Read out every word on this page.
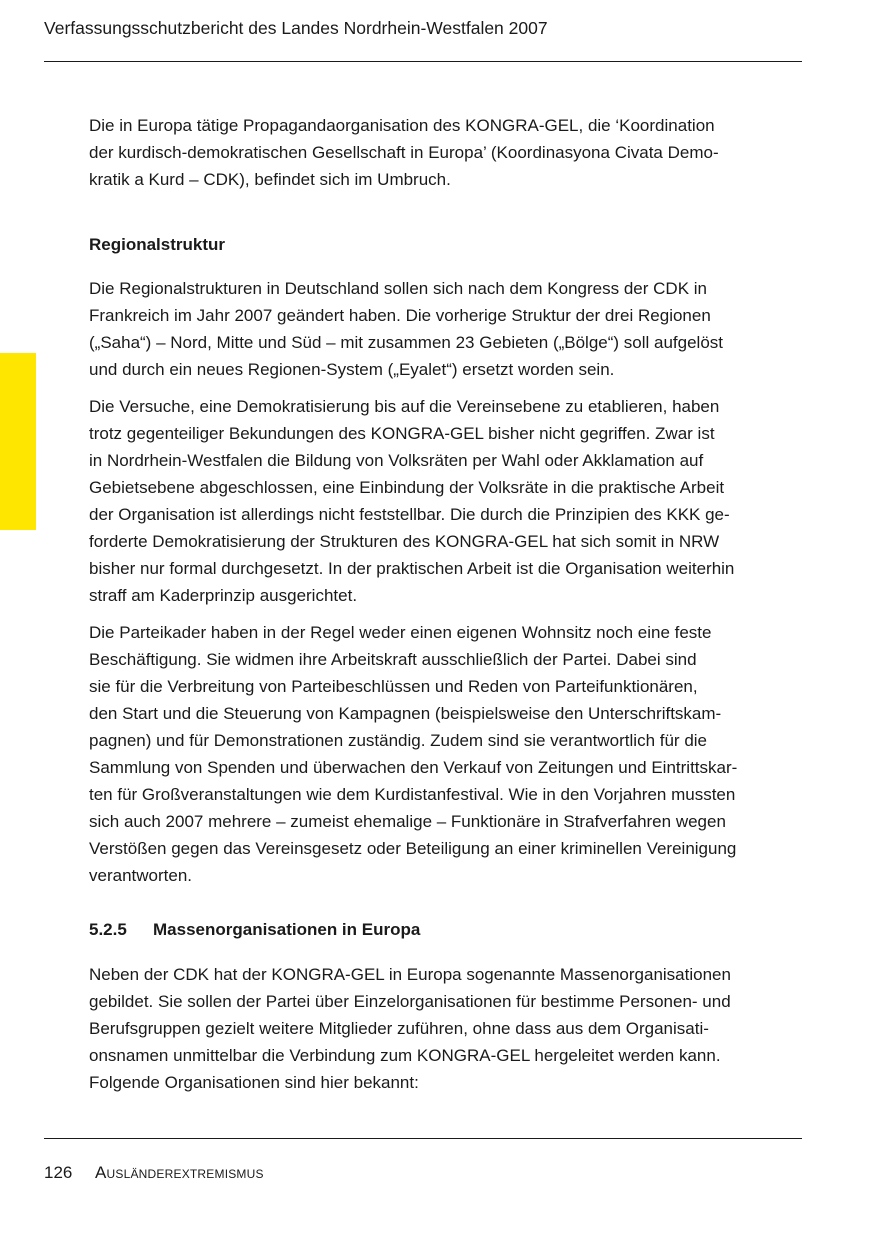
Verfassungsschutzbericht des Landes Nordrhein-Westfalen 2007

Die in Europa tätige Propagandaorganisation des KONGRA-GEL, die ‘Koordination
der kurdisch-demokratischen Gesellschaft in Europa’ (Koordinasyona Civata Demo-
kratik a Kurd – CDK), befindet sich im Umbruch.

Regionalstruktur

Die Regionalstrukturen in Deutschland sollen sich nach dem Kongress der CDK in
Frankreich im Jahr 2007 geändert haben. Die vorherige Struktur der drei Regionen
(„Saha“) – Nord, Mitte und Süd – mit zusammen 23 Gebieten („Bölge“) soll aufgelöst
und durch ein neues Regionen-System („Eyalet“) ersetzt worden sein.

Die Versuche, eine Demokratisierung bis auf die Vereinsebene zu etablieren, haben
trotz gegenteiliger Bekundungen des KONGRA-GEL bisher nicht gegriffen. Zwar ist
in Nordrhein-Westfalen die Bildung von Volksräten per Wahl oder Akklamation auf
Gebietsebene abgeschlossen, eine Einbindung der Volksräte in die praktische Arbeit
der Organisation ist allerdings nicht feststellbar. Die durch die Prinzipien des KKK ge-
forderte Demokratisierung der Strukturen des KONGRA-GEL hat sich somit in NRW
bisher nur formal durchgesetzt. In der praktischen Arbeit ist die Organisation weiterhin
straff am Kaderprinzip ausgerichtet.

Die Parteikader haben in der Regel weder einen eigenen Wohnsitz noch eine feste
Beschäftigung. Sie widmen ihre Arbeitskraft ausschließlich der Partei. Dabei sind
sie für die Verbreitung von Parteibeschlüssen und Reden von Parteifunktionären,
den Start und die Steuerung von Kampagnen (beispielsweise den Unterschriftskam-
pagnen) und für Demonstrationen zuständig. Zudem sind sie verantwortlich für die
Sammlung von Spenden und überwachen den Verkauf von Zeitungen und Eintrittskar-
ten für Großveranstaltungen wie dem Kurdistanfestival. Wie in den Vorjahren mussten
sich auch 2007 mehrere – zumeist ehemalige – Funktionäre in Strafverfahren wegen
Verstößen gegen das Vereinsgesetz oder Beteiligung an einer kriminellen Vereinigung
verantworten.

5.2.5 Massenorganisationen in Europa

Neben der CDK hat der KONGRA-GEL in Europa sogenannte Massenorganisationen
gebildet. Sie sollen der Partei über Einzelorganisationen für bestimme Personen- und
Berufsgruppen gezielt weitere Mitglieder zuführen, ohne dass aus dem Organisati-
onsnamen unmittelbar die Verbindung zum KONGRA-GEL hergeleitet werden kann.
Folgende Organisationen sind hier bekannt:

126 Ausländerextremismus
